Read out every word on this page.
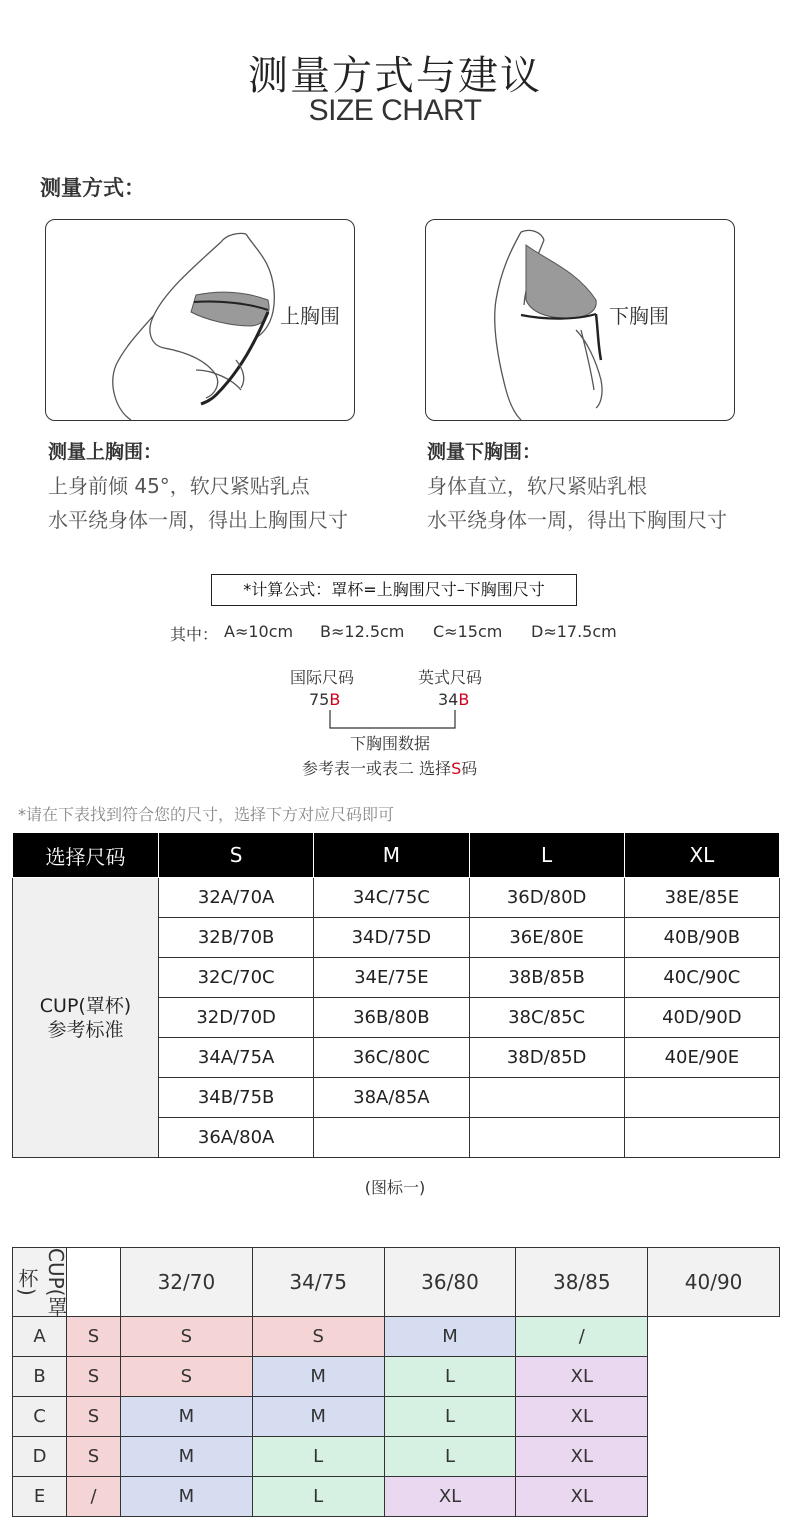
测量方式与建议
SIZE CHART
测量方式：
上胸围	下胸围
测量上胸围：
上身前倾 45°，软尺紧贴乳点
水平绕身体一周，得出上胸围尺寸
测量下胸围：
身体直立，软尺紧贴乳根
水平绕身体一周，得出下胸围尺寸
*计算公式：罩杯=上胸围尺寸–下胸围尺寸
其中： A≈10cm B≈12.5cm C≈15cm D≈17.5cm
国际尺码	英式尺码
75B	34B
下胸围数据
参考表一或表二 选择S码
*请在下表找到符合您的尺寸，选择下方对应尺码即可
选择尺码	S	M	L	XL

CUP(罩杯)
参考标准	32A/70A	34C/75C	36D/80D	38E/85E
	32B/70B	34D/75D	36E/80E	40B/90B
	32C/70C	34E/75E	38B/85B	40C/90C
	32D/70D	36B/80B	38C/85C	40D/90D
	34A/75A	36C/80C	38D/85D	40E/90E
	34B/75B	38A/85A		
	36A/80A			
(图标一)
CUP(罩杯)		32/70	34/75	36/80	38/85	40/90
A	S	S	S	M	/	
B	S	S	M	L	XL	
C	S	M	M	L	XL	
D	S	M	L	L	XL	
E	/	M	L	XL	XL	
